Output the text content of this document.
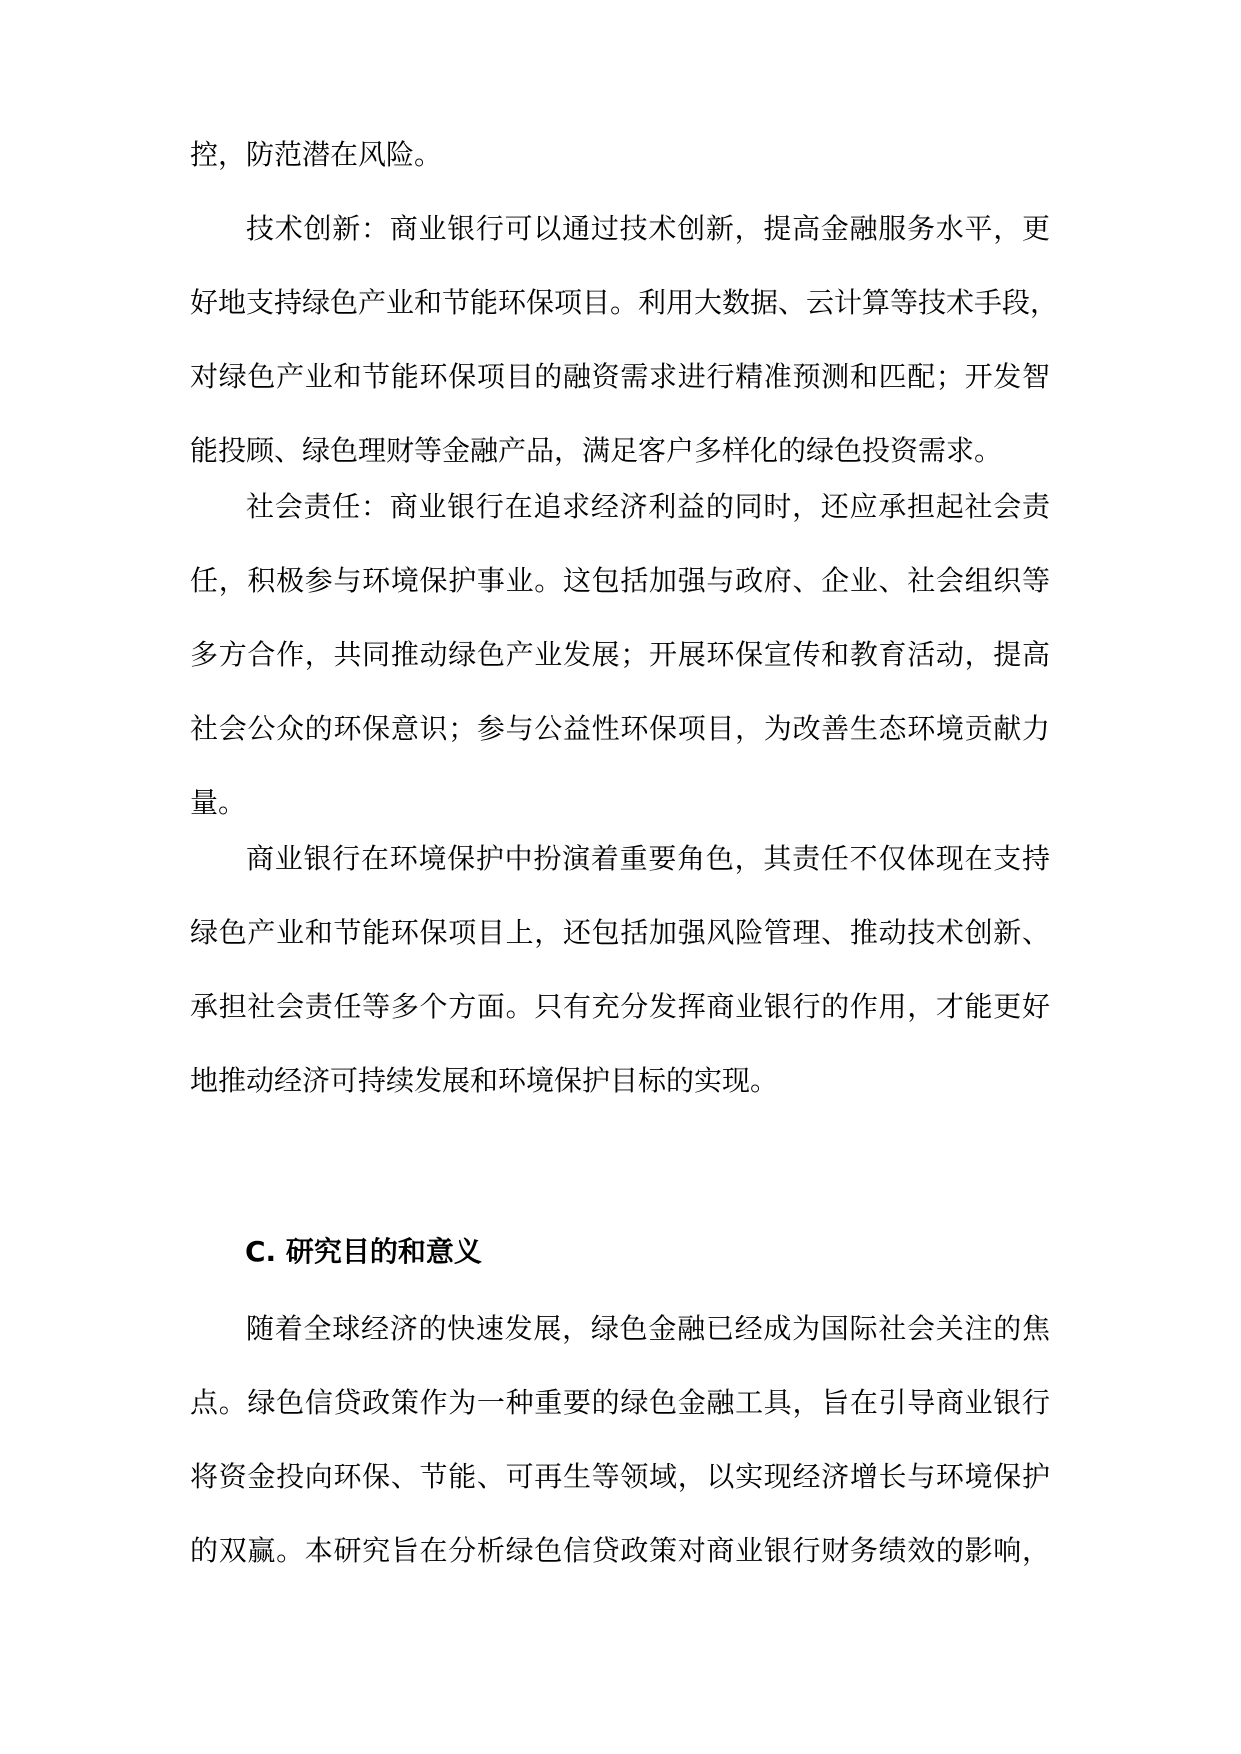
控，防范潜在风险。
技术创新：商业银行可以通过技术创新，提高金融服务水平，更
好地支持绿色产业和节能环保项目。利用大数据、云计算等技术手段，
对绿色产业和节能环保项目的融资需求进行精准预测和匹配；开发智
能投顾、绿色理财等金融产品，满足客户多样化的绿色投资需求。
社会责任：商业银行在追求经济利益的同时，还应承担起社会责
任，积极参与环境保护事业。这包括加强与政府、企业、社会组织等
多方合作，共同推动绿色产业发展；开展环保宣传和教育活动，提高
社会公众的环保意识；参与公益性环保项目，为改善生态环境贡献力
量。
商业银行在环境保护中扮演着重要角色，其责任不仅体现在支持
绿色产业和节能环保项目上，还包括加强风险管理、推动技术创新、
承担社会责任等多个方面。只有充分发挥商业银行的作用，才能更好
地推动经济可持续发展和环境保护目标的实现。
C. 研究目的和意义
随着全球经济的快速发展，绿色金融已经成为国际社会关注的焦
点。绿色信贷政策作为一种重要的绿色金融工具，旨在引导商业银行
将资金投向环保、节能、可再生等领域，以实现经济增长与环境保护
的双赢。本研究旨在分析绿色信贷政策对商业银行财务绩效的影响，
